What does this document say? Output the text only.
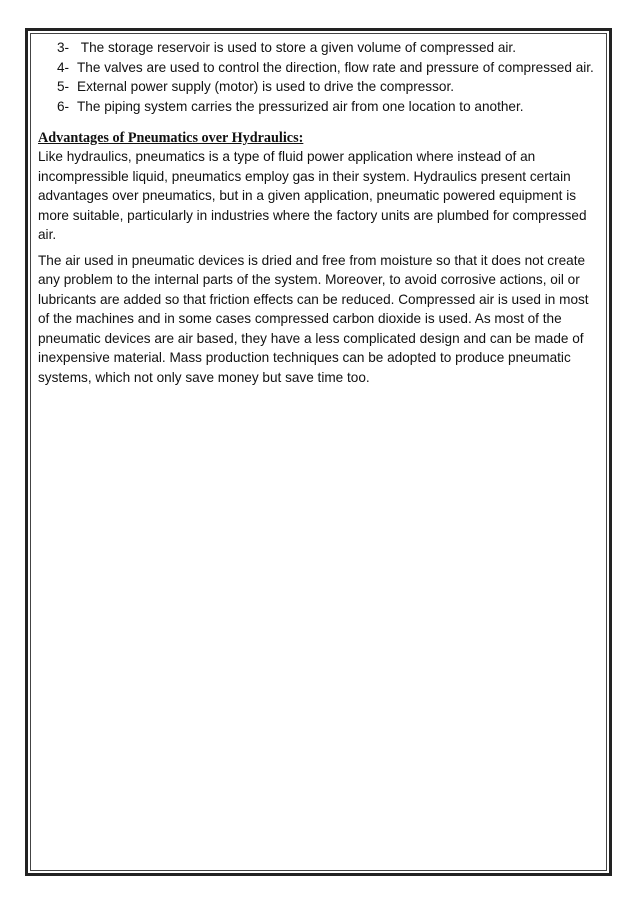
3- The storage reservoir is used to store a given volume of compressed air.
4- The valves are used to control the direction, flow rate and pressure of compressed air.
5- External power supply (motor) is used to drive the compressor.
6- The piping system carries the pressurized air from one location to another.
Advantages of Pneumatics over Hydraulics:

Like hydraulics, pneumatics is a type of fluid power application where instead of an incompressible liquid, pneumatics employ gas in their system. Hydraulics present certain advantages over pneumatics, but in a given application, pneumatic powered equipment is more suitable, particularly in industries where the factory units are plumbed for compressed air.

The air used in pneumatic devices is dried and free from moisture so that it does not create any problem to the internal parts of the system. Moreover, to avoid corrosive actions, oil or lubricants are added so that friction effects can be reduced. Compressed air is used in most of the machines and in some cases compressed carbon dioxide is used. As most of the pneumatic devices are air based, they have a less complicated design and can be made of inexpensive material. Mass production techniques can be adopted to produce pneumatic systems, which not only save money but save time too.
